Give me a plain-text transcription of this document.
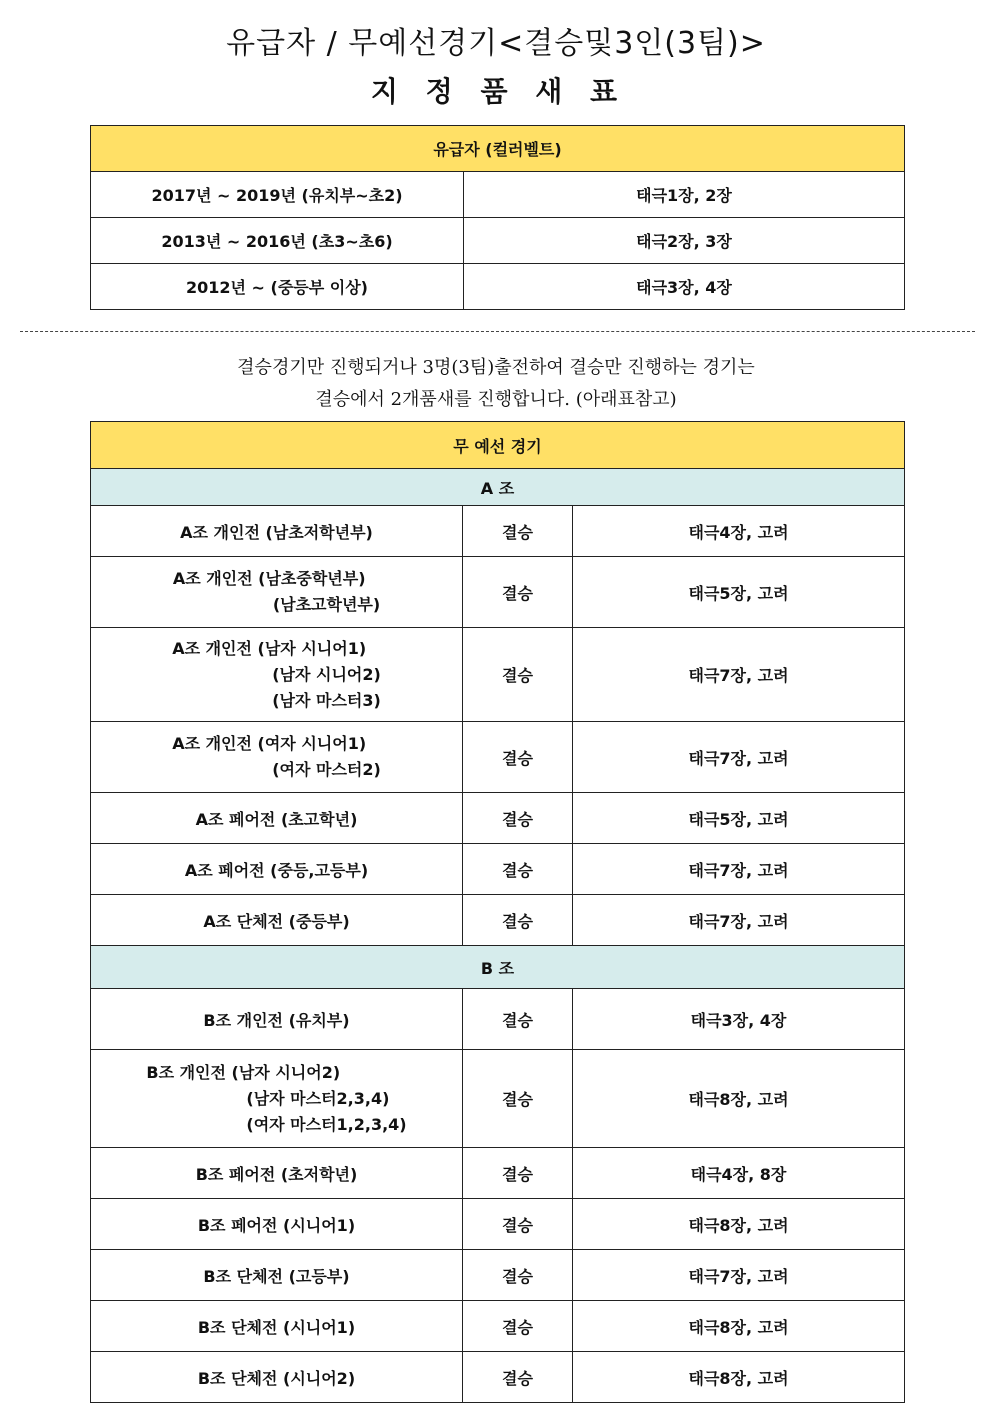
유급자 / 무예선경기<결승및3인(3팀)>
지 정 품 새 표
유급자 (컬러벨트)	
2017년 ~ 2019년 (유치부~초2)	태극1장, 2장
2013년 ~ 2016년 (초3~초6)	태극2장, 3장
2012년 ~ (중등부 이상)	태극3장, 4장
결승경기만 진행되거나 3명(3팀)출전하여 결승만 진행하는 경기는
결승에서 2개품새를 진행합니다. (아래표참고)
무 예선 경기		
A 조		
A조 개인전 (남초저학년부)	결승	태극4장, 고려

A조 개인전 (남초중학년부)
(남초고학년부)	결승	태극5장, 고려

A조 개인전 (남자 시니어1)
(남자 시니어2)
(남자 마스터3)	결승	태극7장, 고려

A조 개인전 (여자 시니어1)
(여자 마스터2)	결승	태극7장, 고려
A조 페어전 (초고학년)	결승	태극5장, 고려
A조 페어전 (중등,고등부)	결승	태극7장, 고려
A조 단체전 (중등부)	결승	태극7장, 고려
B 조		
B조 개인전 (유치부)	결승	태극3장, 4장

B조 개인전 (남자 시니어2)
(남자 마스터2,3,4)
(여자 마스터1,2,3,4)	결승	태극8장, 고려
B조 페어전 (초저학년)	결승	태극4장, 8장
B조 페어전 (시니어1)	결승	태극8장, 고려
B조 단체전 (고등부)	결승	태극7장, 고려
B조 단체전 (시니어1)	결승	태극8장, 고려
B조 단체전 (시니어2)	결승	태극8장, 고려
